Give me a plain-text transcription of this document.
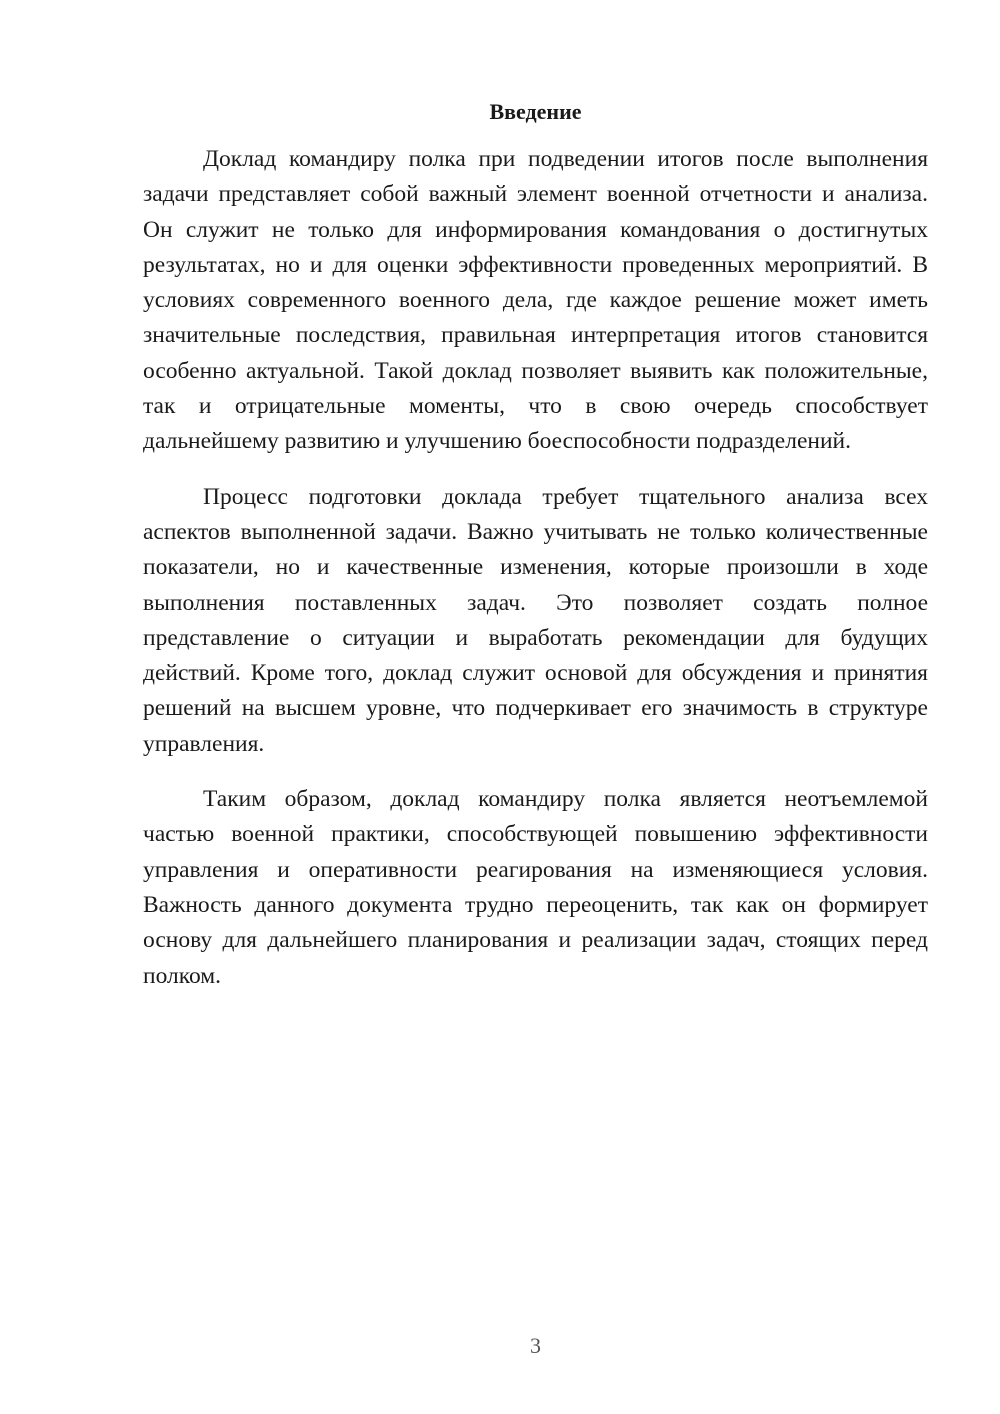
Введение

Доклад командиру полка при подведении итогов после выполнения задачи представляет собой важный элемент военной отчетности и анализа. Он служит не только для информирования командования о достигнутых результатах, но и для оценки эффективности проведенных мероприятий. В условиях современного военного дела, где каждое решение может иметь значительные последствия, правильная интерпретация итогов становится особенно актуальной. Такой доклад позволяет выявить как положительные, так и отрицательные моменты, что в свою очередь способствует дальнейшему развитию и улучшению боеспособности подразделений.

Процесс подготовки доклада требует тщательного анализа всех аспектов выполненной задачи. Важно учитывать не только количественные показатели, но и качественные изменения, которые произошли в ходе выполнения поставленных задач. Это позволяет создать полное представление о ситуации и выработать рекомендации для будущих действий. Кроме того, доклад служит основой для обсуждения и принятия решений на высшем уровне, что подчеркивает его значимость в структуре управления.

Таким образом, доклад командиру полка является неотъемлемой частью военной практики, способствующей повышению эффективности управления и оперативности реагирования на изменяющиеся условия. Важность данного документа трудно переоценить, так как он формирует основу для дальнейшего планирования и реализации задач, стоящих перед полком.

3
